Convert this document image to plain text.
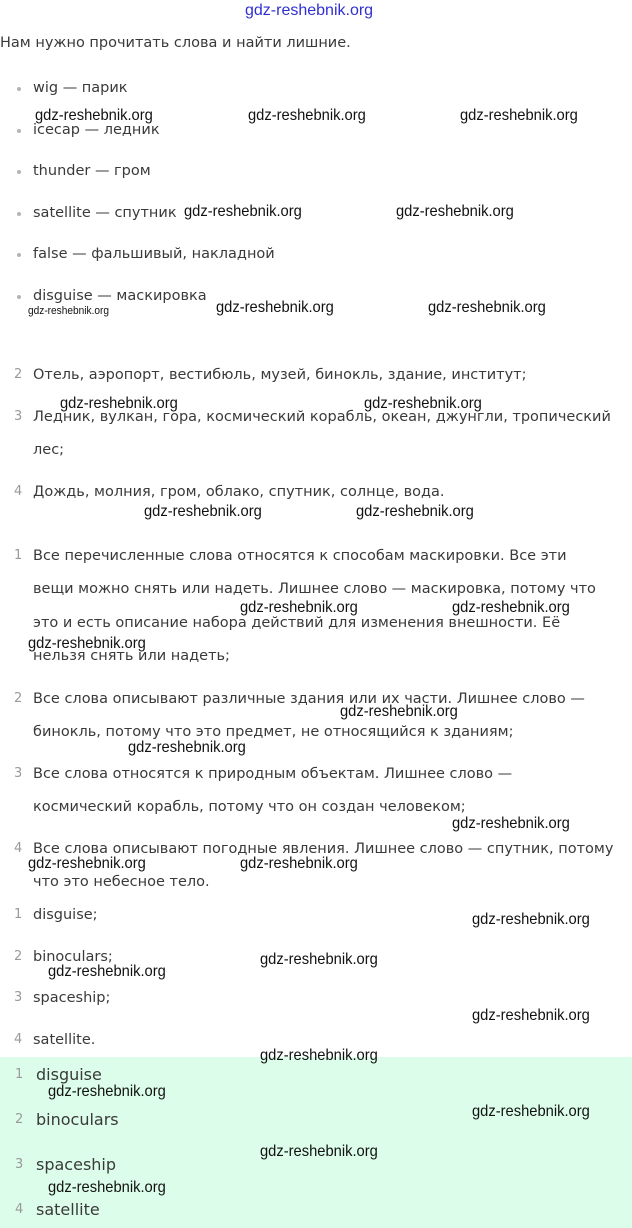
gdz-reshebnik.org
Нам нужно прочитать слова и найти лишние.
wig — парик
icecap — ледник
thunder — гром
satellite — спутник
false — фальшивый, накладной
disguise — маскировка
2 Отель, аэропорт, вестибюль, музей, бинокль, здание, институт;
3 Ледник, вулкан, гора, космический корабль, океан, джунгли, тропический
лес;
4 Дождь, молния, гром, облако, спутник, солнце, вода.
1 Все перечисленные слова относятся к способам маскировки. Все эти
вещи можно снять или надеть. Лишнее слово — маскировка, потому что
это и есть описание набора действий для изменения внешности. Её
нельзя снять или надеть;
2 Все слова описывают различные здания или их части. Лишнее слово —
бинокль, потому что это предмет, не относящийся к зданиям;
3 Все слова относятся к природным объектам. Лишнее слово —
космический корабль, потому что он создан человеком;
4 Все слова описывают погодные явления. Лишнее слово — спутник, потому
что это небесное тело.
1 disguise;
2 binoculars;
3 spaceship;
4 satellite.
1 disguise
2 binoculars
3 spaceship
4 satellite
gdz-reshebnik.org	gdz-reshebnik.org	gdz-reshebnik.org
gdz-reshebnik.org	gdz-reshebnik.org
gdz-reshebnik.org	gdz-reshebnik.org
gdz-reshebnik.org	gdz-reshebnik.org
gdz-reshebnik.org	gdz-reshebnik.org
gdz-reshebnik.org	gdz-reshebnik.org
gdz-reshebnik.org
gdz-reshebnik.org
gdz-reshebnik.org
gdz-reshebnik.org
gdz-reshebnik.org	gdz-reshebnik.org
gdz-reshebnik.org
gdz-reshebnik.org
gdz-reshebnik.org
gdz-reshebnik.org
gdz-reshebnik.org
gdz-reshebnik.org
gdz-reshebnik.org
gdz-reshebnik.org
gdz-reshebnik.org
gdz-reshebnik.org
